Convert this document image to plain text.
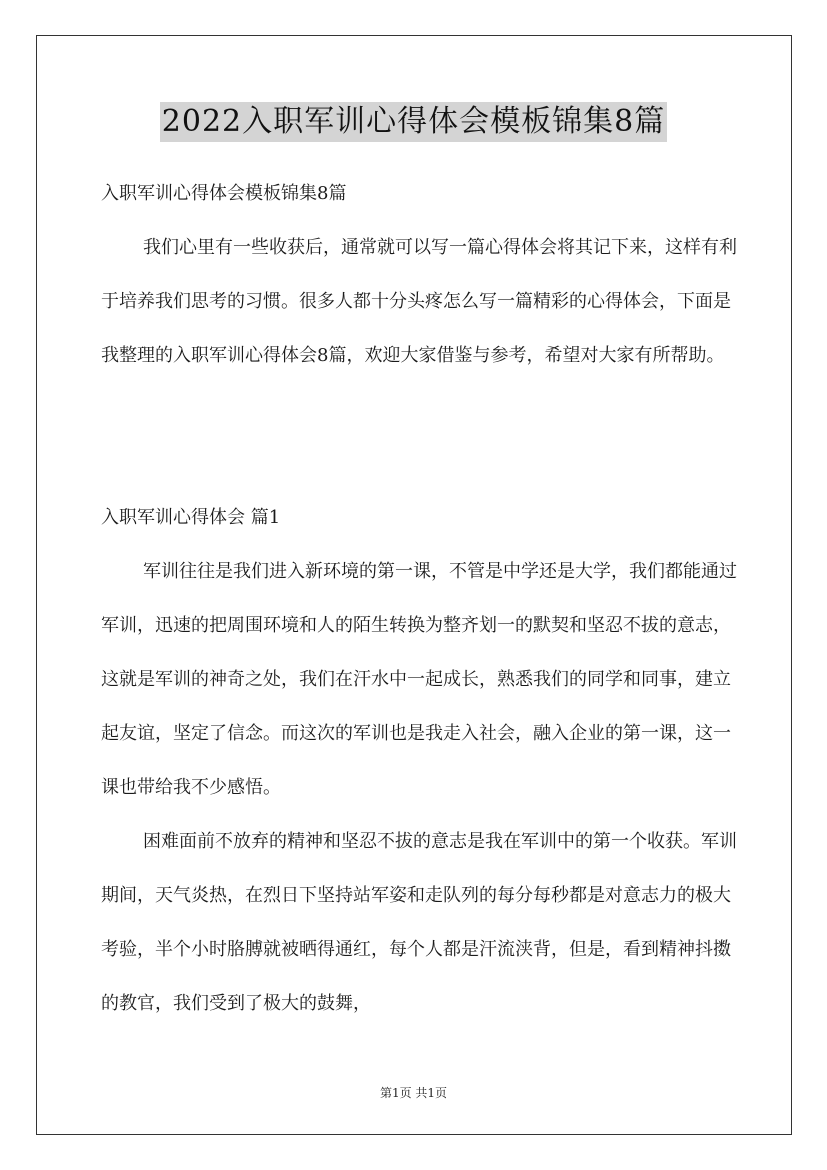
2022入职军训心得体会模板锦集8篇

入职军训心得体会模板锦集8篇

我们心里有一些收获后，通常就可以写一篇心得体会将其记下来，这样有利于培养我们思考的习惯。很多人都十分头疼怎么写一篇精彩的心得体会，下面是我整理的入职军训心得体会8篇，欢迎大家借鉴与参考，希望对大家有所帮助。

入职军训心得体会 篇1

军训往往是我们进入新环境的第一课，不管是中学还是大学，我们都能通过军训，迅速的把周围环境和人的陌生转换为整齐划一的默契和坚忍不拔的意志，这就是军训的神奇之处，我们在汗水中一起成长，熟悉我们的同学和同事，建立起友谊，坚定了信念。而这次的军训也是我走入社会，融入企业的第一课，这一课也带给我不少感悟。

困难面前不放弃的精神和坚忍不拔的意志是我在军训中的第一个收获。军训期间，天气炎热，在烈日下坚持站军姿和走队列的每分每秒都是对意志力的极大考验，半个小时胳膊就被晒得通红，每个人都是汗流浃背，但是，看到精神抖擞的教官，我们受到了极大的鼓舞，

第1页 共1页
